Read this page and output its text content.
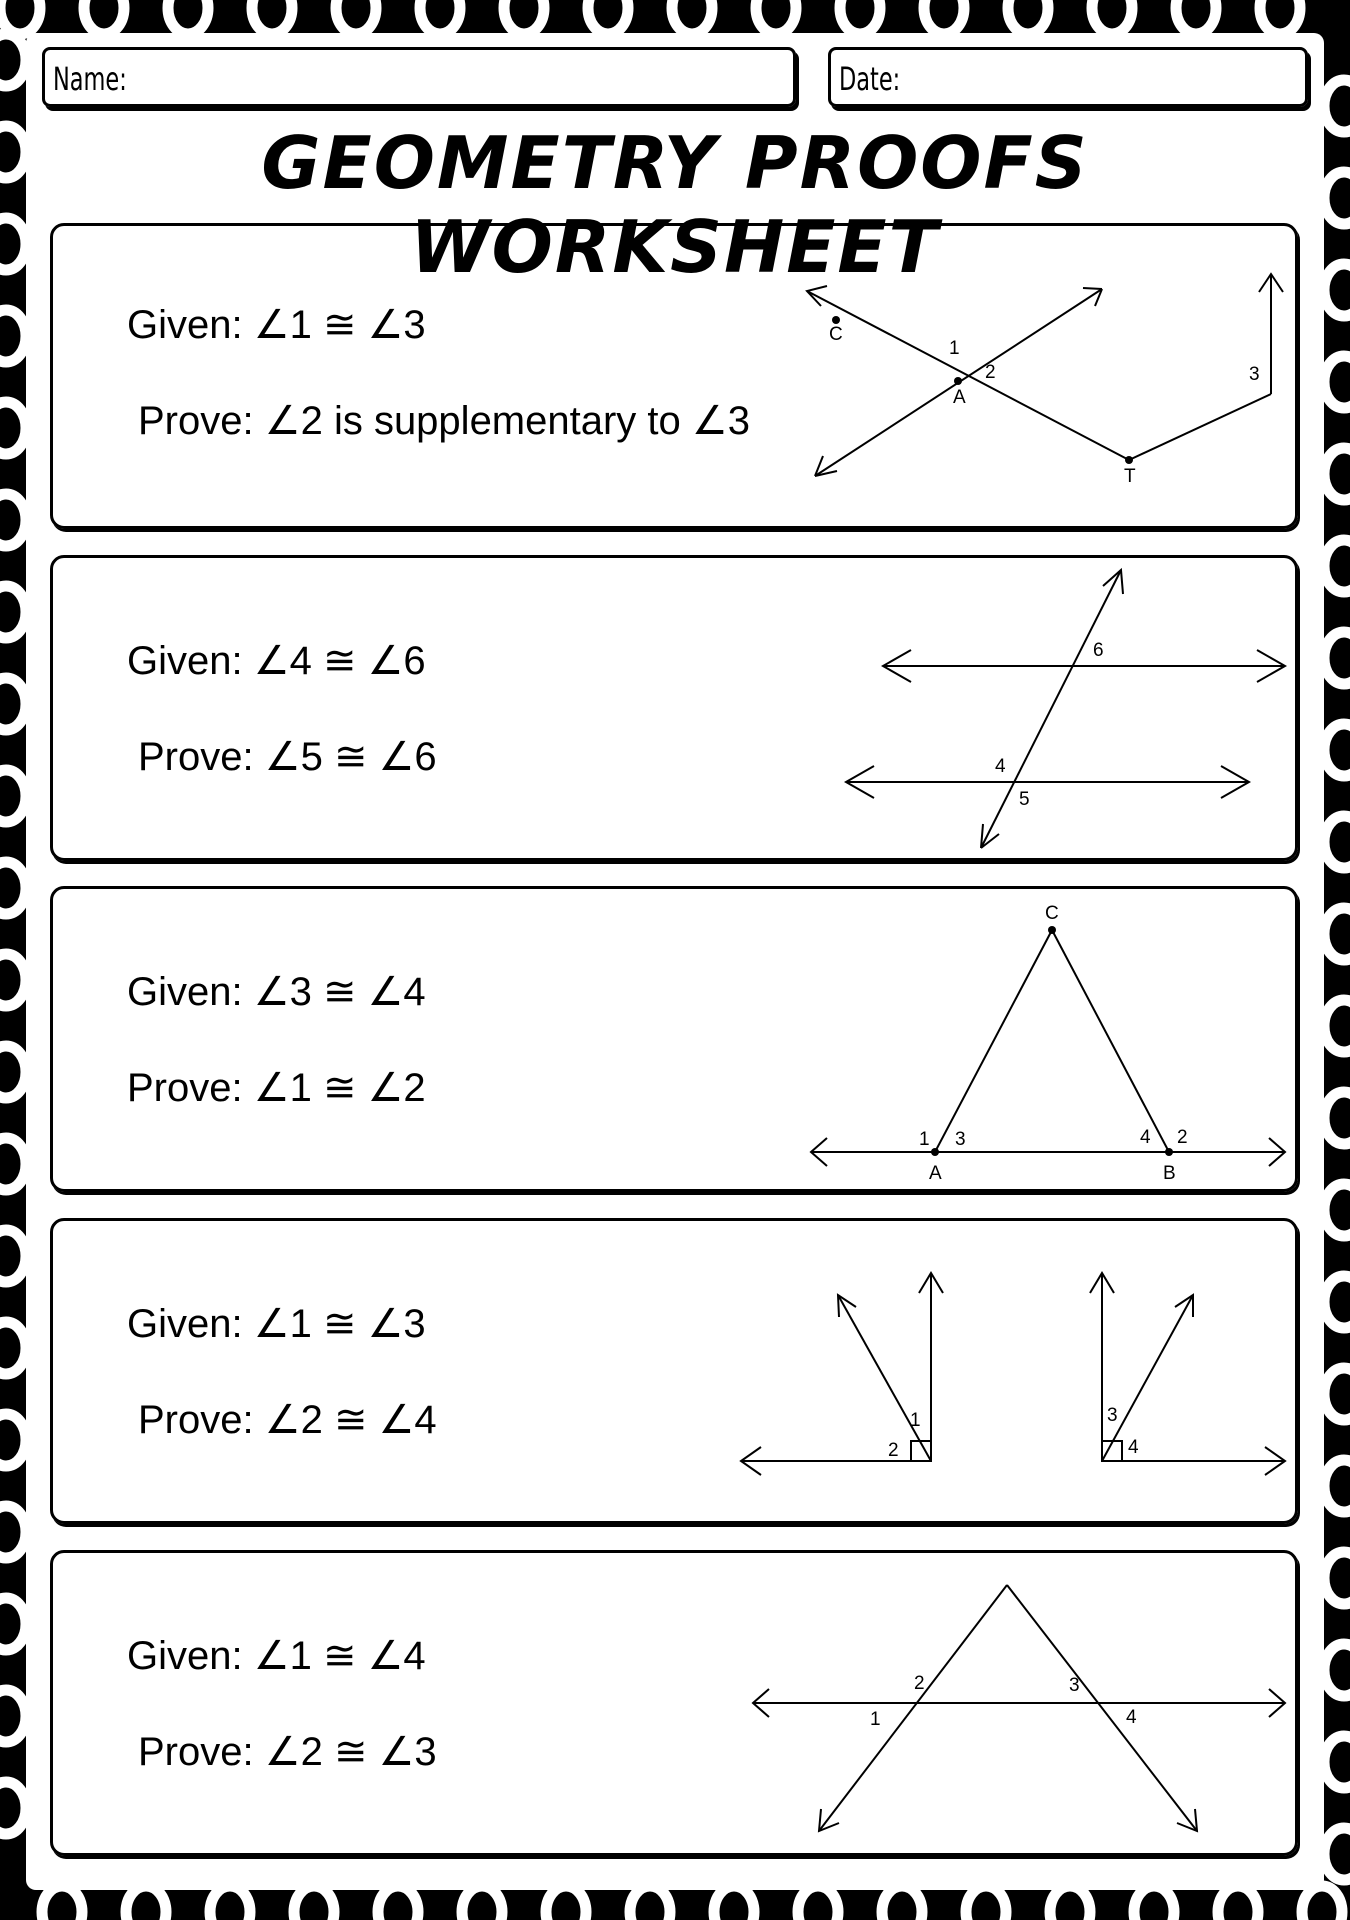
Name:	Date:
GEOMETRY PROOFS WORKSHEET
Given: ∠1 ≅ ∠3
Prove: ∠2 is supplementary to ∠3
C
A
T
1
2	3
Given: ∠4 ≅ ∠6
Prove: ∠5 ≅ ∠6
6
4
5
Given: ∠3 ≅ ∠4
Prove: ∠1 ≅ ∠2
C
A	B
1 3	4 2
Given: ∠1 ≅ ∠3
Prove: ∠2 ≅ ∠4	1
2
3
4
Given: ∠1 ≅ ∠4
Prove: ∠2 ≅ ∠3
1
2	3
4
